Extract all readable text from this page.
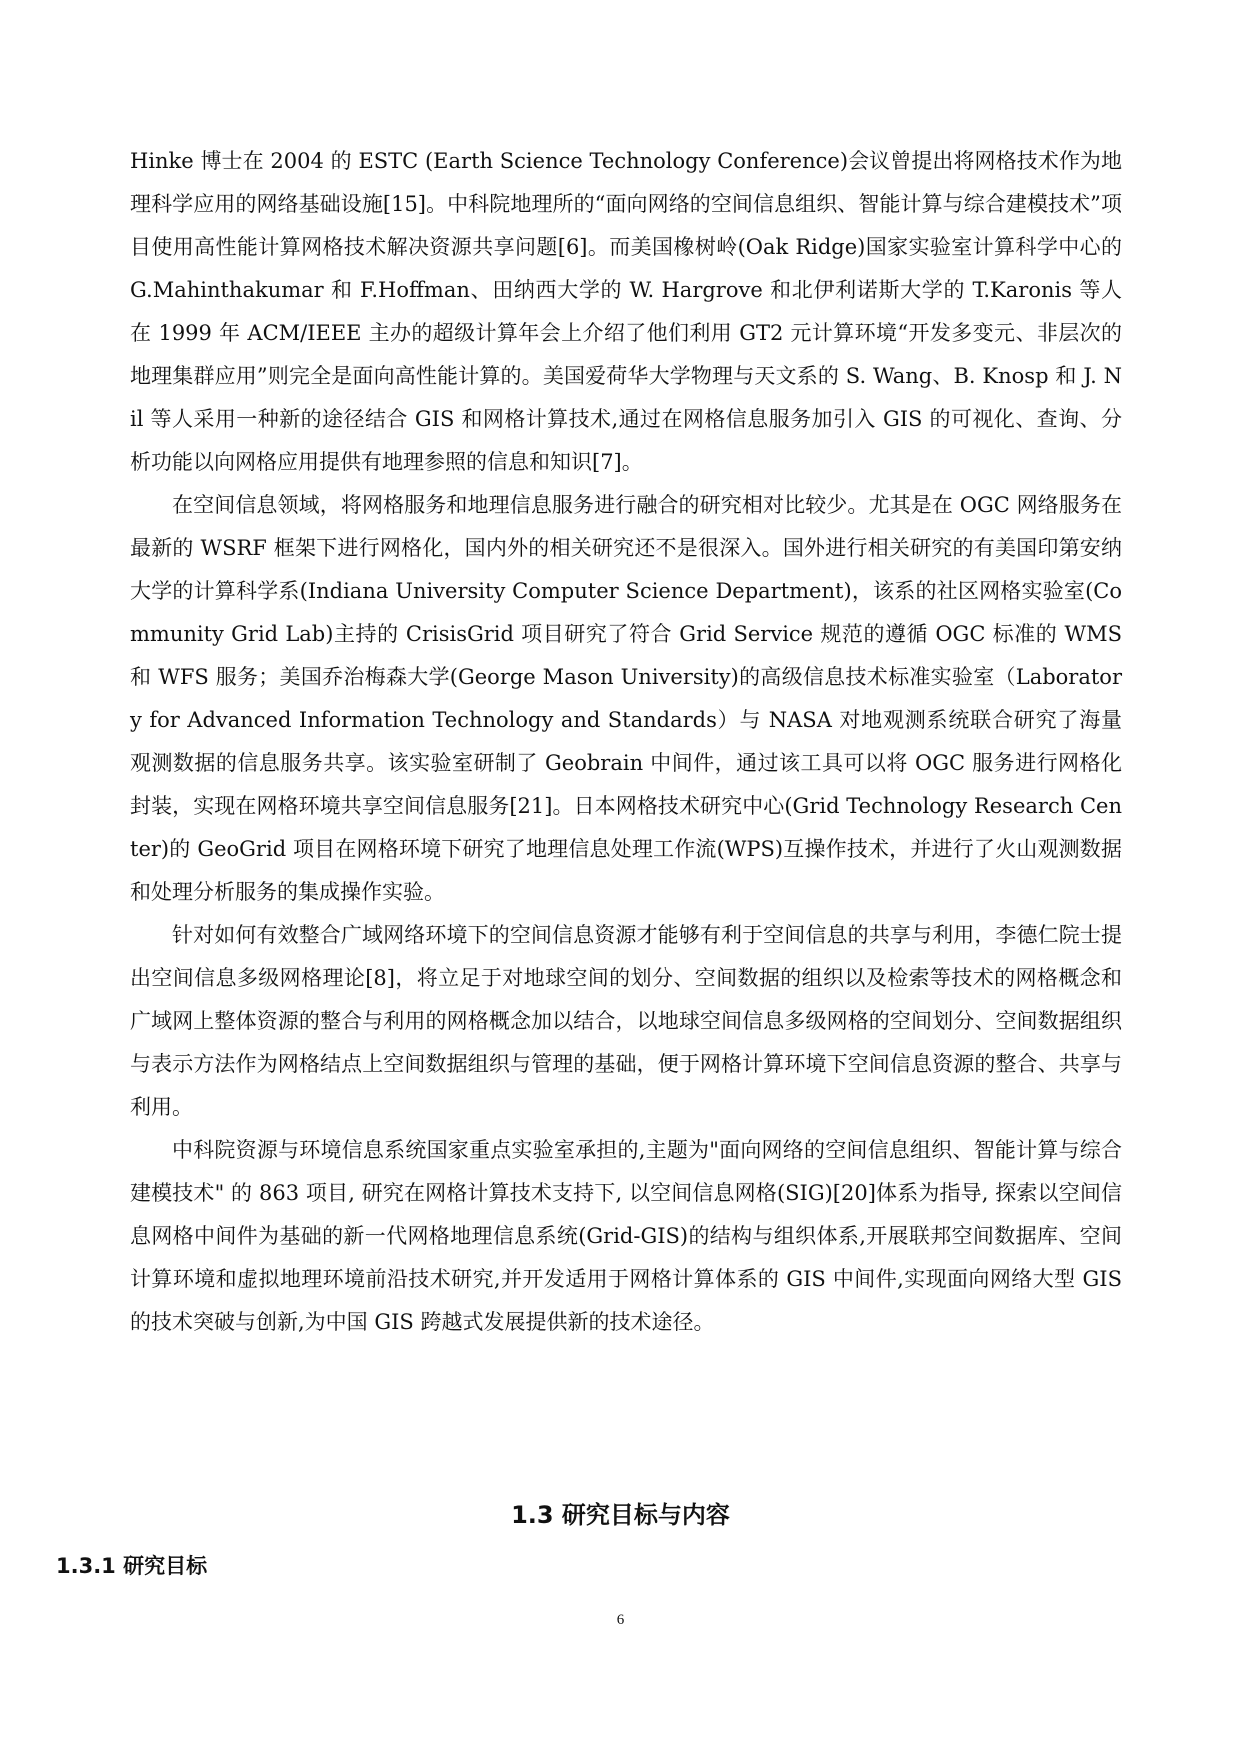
Hinke 博士在 2004 的 ESTC (Earth Science Technology Conference)会议曾提出将网格技术作为地理科学应用的网络基础设施[15]。中科院地理所的“面向网络的空间信息组织、智能计算与综合建模技术”项目使用高性能计算网格技术解决资源共享问题[6]。而美国橡树岭(Oak Ridge)国家实验室计算科学中心的 G.Mahinthakumar 和 F.Hoffman、田纳西大学的 W. Hargrove 和北伊利诺斯大学的 T.Karonis 等人在 1999 年 ACM/IEEE 主办的超级计算年会上介绍了他们利用 GT2 元计算环境“开发多变元、非层次的地理集群应用”则完全是面向高性能计算的。美国爱荷华大学物理与天文系的 S. Wang、B. Knosp 和 J. Nil 等人采用一种新的途径结合 GIS 和网格计算技术,通过在网格信息服务加引入 GIS 的可视化、查询、分析功能以向网格应用提供有地理参照的信息和知识[7]。

在空间信息领域，将网格服务和地理信息服务进行融合的研究相对比较少。尤其是在 OGC 网络服务在最新的 WSRF 框架下进行网格化，国内外的相关研究还不是很深入。国外进行相关研究的有美国印第安纳大学的计算科学系(Indiana University Computer Science Department)，该系的社区网格实验室(Community Grid Lab)主持的 CrisisGrid 项目研究了符合 Grid Service 规范的遵循 OGC 标准的 WMS 和 WFS 服务；美国乔治梅森大学(George Mason University)的高级信息技术标准实验室（Laboratory for Advanced Information Technology and Standards）与 NASA 对地观测系统联合研究了海量观测数据的信息服务共享。该实验室研制了 Geobrain 中间件，通过该工具可以将 OGC 服务进行网格化封装，实现在网格环境共享空间信息服务[21]。日本网格技术研究中心(Grid Technology Research Center)的 GeoGrid 项目在网格环境下研究了地理信息处理工作流(WPS)互操作技术，并进行了火山观测数据和处理分析服务的集成操作实验。

针对如何有效整合广域网络环境下的空间信息资源才能够有利于空间信息的共享与利用，李德仁院士提出空间信息多级网格理论[8]，将立足于对地球空间的划分、空间数据的组织以及检索等技术的网格概念和广域网上整体资源的整合与利用的网格概念加以结合，以地球空间信息多级网格的空间划分、空间数据组织与表示方法作为网格结点上空间数据组织与管理的基础，便于网格计算环境下空间信息资源的整合、共享与利用。

中科院资源与环境信息系统国家重点实验室承担的,主题为"面向网络的空间信息组织、智能计算与综合建模技术" 的 863 项目, 研究在网格计算技术支持下, 以空间信息网格(SIG)[20]体系为指导, 探索以空间信息网格中间件为基础的新一代网格地理信息系统(Grid-GIS)的结构与组织体系,开展联邦空间数据库、空间计算环境和虚拟地理环境前沿技术研究,并开发适用于网格计算体系的 GIS 中间件,实现面向网络大型 GIS 的技术突破与创新,为中国 GIS 跨越式发展提供新的技术途径。

1.3 研究目标与内容
1.3.1 研究目标
6
